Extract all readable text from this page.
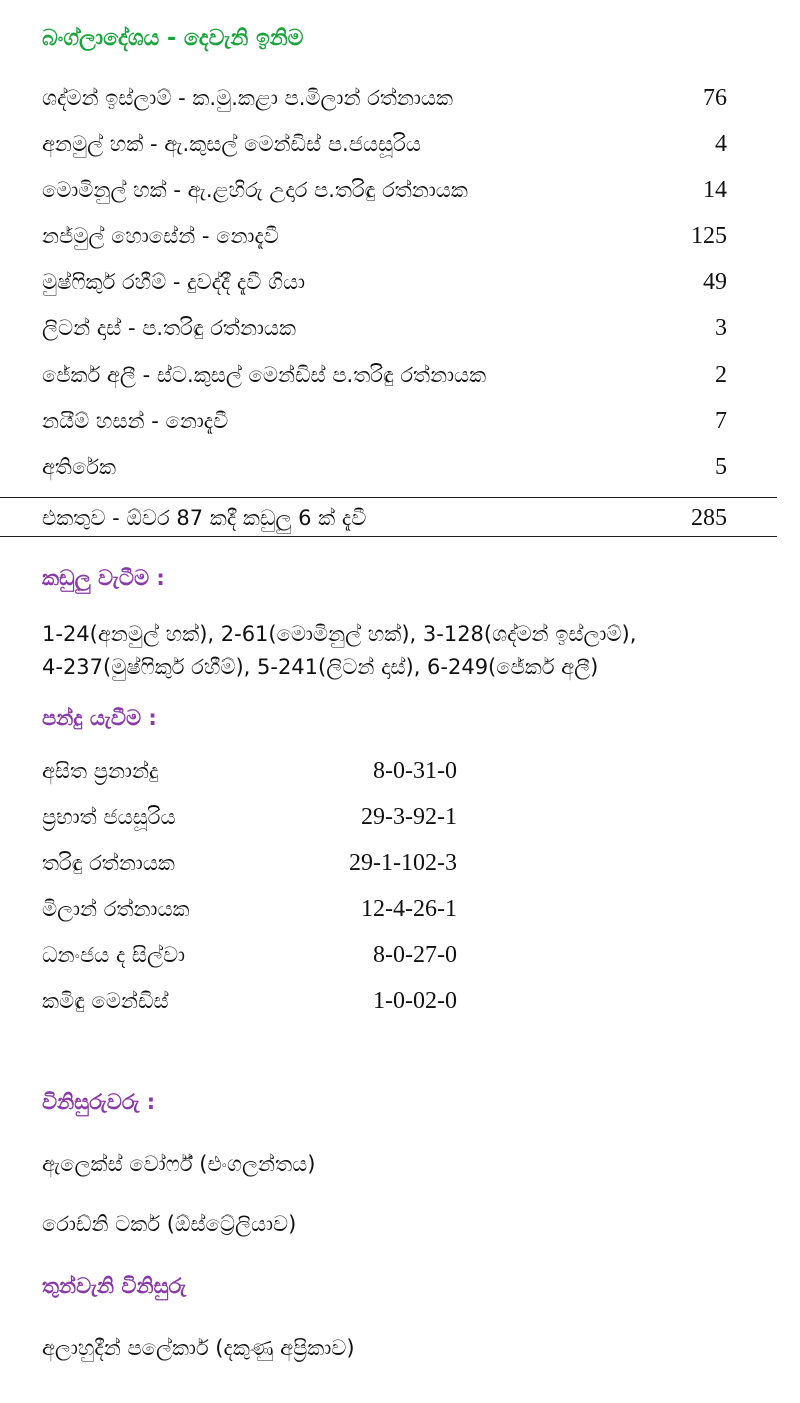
බංග්ලාදේශය - දෙවැනි ඉනිම
ශද්මන් ඉස්ලාම් - ක.මු.කළා ප.මිලාන් රත්නායක	76
අනමුල් හක් - ඇ.කුසල් මෙන්ඩිස් ප.ජයසූරිය	4
මොමිනුල් හක් - ඇ.ළහිරු උදාර ප.තරිඳු රත්නායක	14
නජ්මුල් හොසේන් - නොදැවී	125
මුෂ්ෆිකුර් රහීම් - දුවද්දී දැවී ගියා	49
ලිටන් දාස් - ප.තරිඳු රත්නායක	3
ජේකර් අලී - ස්ට.කුසල් මෙන්ඩිස් ප.තරිඳු රත්නායක	2
නයීම් හසන් - නොදැවී	7
අතිරේක	5
එකතුව - ඕවර 87 කදී කඩුලු 6 ක් දැවී	285
කඩුලු වැටීම :
1-24(අනමුල් හක්), 2-61(මොමිනුල් හක්), 3-128(ශද්මන් ඉස්ලාම්),
4-237(මුෂ්ෆිකුර් රහීම්), 5-241(ලිටන් දාස්), 6-249(ජේකර් අලී)
පන්දු යැවීම :
අසිත ප්‍රනාන්දු	8-0-31-0
ප්‍රභාත් ජයසූරිය	29-3-92-1
තරිඳු රත්නායක	29-1-102-3
මිලාන් රත්නායක	12-4-26-1
ධනංජය ද සිල්වා	8-0-27-0
කමිඳු මෙන්ඩිස්	1-0-02-0
විනිසුරුවරු :
ඇලෙක්ස් වෝර්ෆ් (එංගලන්තය)
රොඩ්නි ටකර් (ඕස්ට්‍රේලියාව)
තුන්වැනි විනිසුරු
අලාහුදීන් පලේකාර් (දකුණු අප්‍රිකාව)
